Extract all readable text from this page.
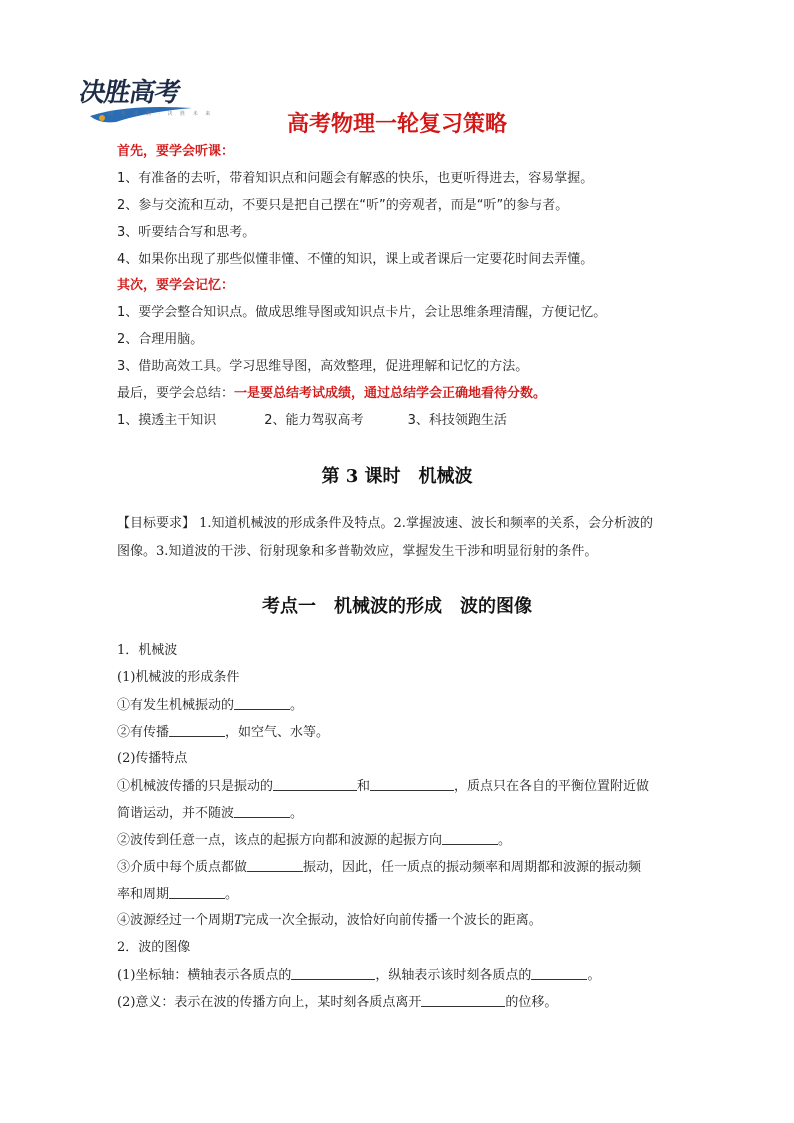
决胜高考
高 考 冲 刺 · 决 胜 未 来	高考物理一轮复习策略
首先，要学会听课：
1、有准备的去听，带着知识点和问题会有解惑的快乐，也更听得进去，容易掌握。
2、参与交流和互动，不要只是把自己摆在“听”的旁观者，而是“听”的参与者。
3、听要结合写和思考。
4、如果你出现了那些似懂非懂、不懂的知识，课上或者课后一定要花时间去弄懂。
其次，要学会记忆：
1、要学会整合知识点。做成思维导图或知识点卡片，会让思维条理清醒，方便记忆。
2、合理用脑。
3、借助高效工具。学习思维导图，高效整理，促进理解和记忆的方法。
最后，要学会总结：一是要总结考试成绩，通过总结学会正确地看待分数。
1、摸透主干知识	2、能力驾驭高考	3、科技领跑生活
第 3 课时 机械波
【目标要求】 1.知道机械波的形成条件及特点。2.掌握波速、波长和频率的关系，会分析波的
图像。3.知道波的干涉、衍射现象和多普勒效应，掌握发生干涉和明显衍射的条件。
考点一 机械波的形成 波的图像
1．机械波
(1)机械波的形成条件
①有发生机械振动的	。
②有传播	，如空气、水等。
(2)传播特点
①机械波传播的只是振动的	和	，质点只在各自的平衡位置附近做
简谐运动，并不随波	。
②波传到任意一点，该点的起振方向都和波源的起振方向	。
③介质中每个质点都做	振动，因此，任一质点的振动频率和周期都和波源的振动频
率和周期	。
④波源经过一个周期T完成一次全振动，波恰好向前传播一个波长的距离。
2．波的图像
(1)坐标轴：横轴表示各质点的	，纵轴表示该时刻各质点的	。
(2)意义：表示在波的传播方向上，某时刻各质点离开	的位移。
